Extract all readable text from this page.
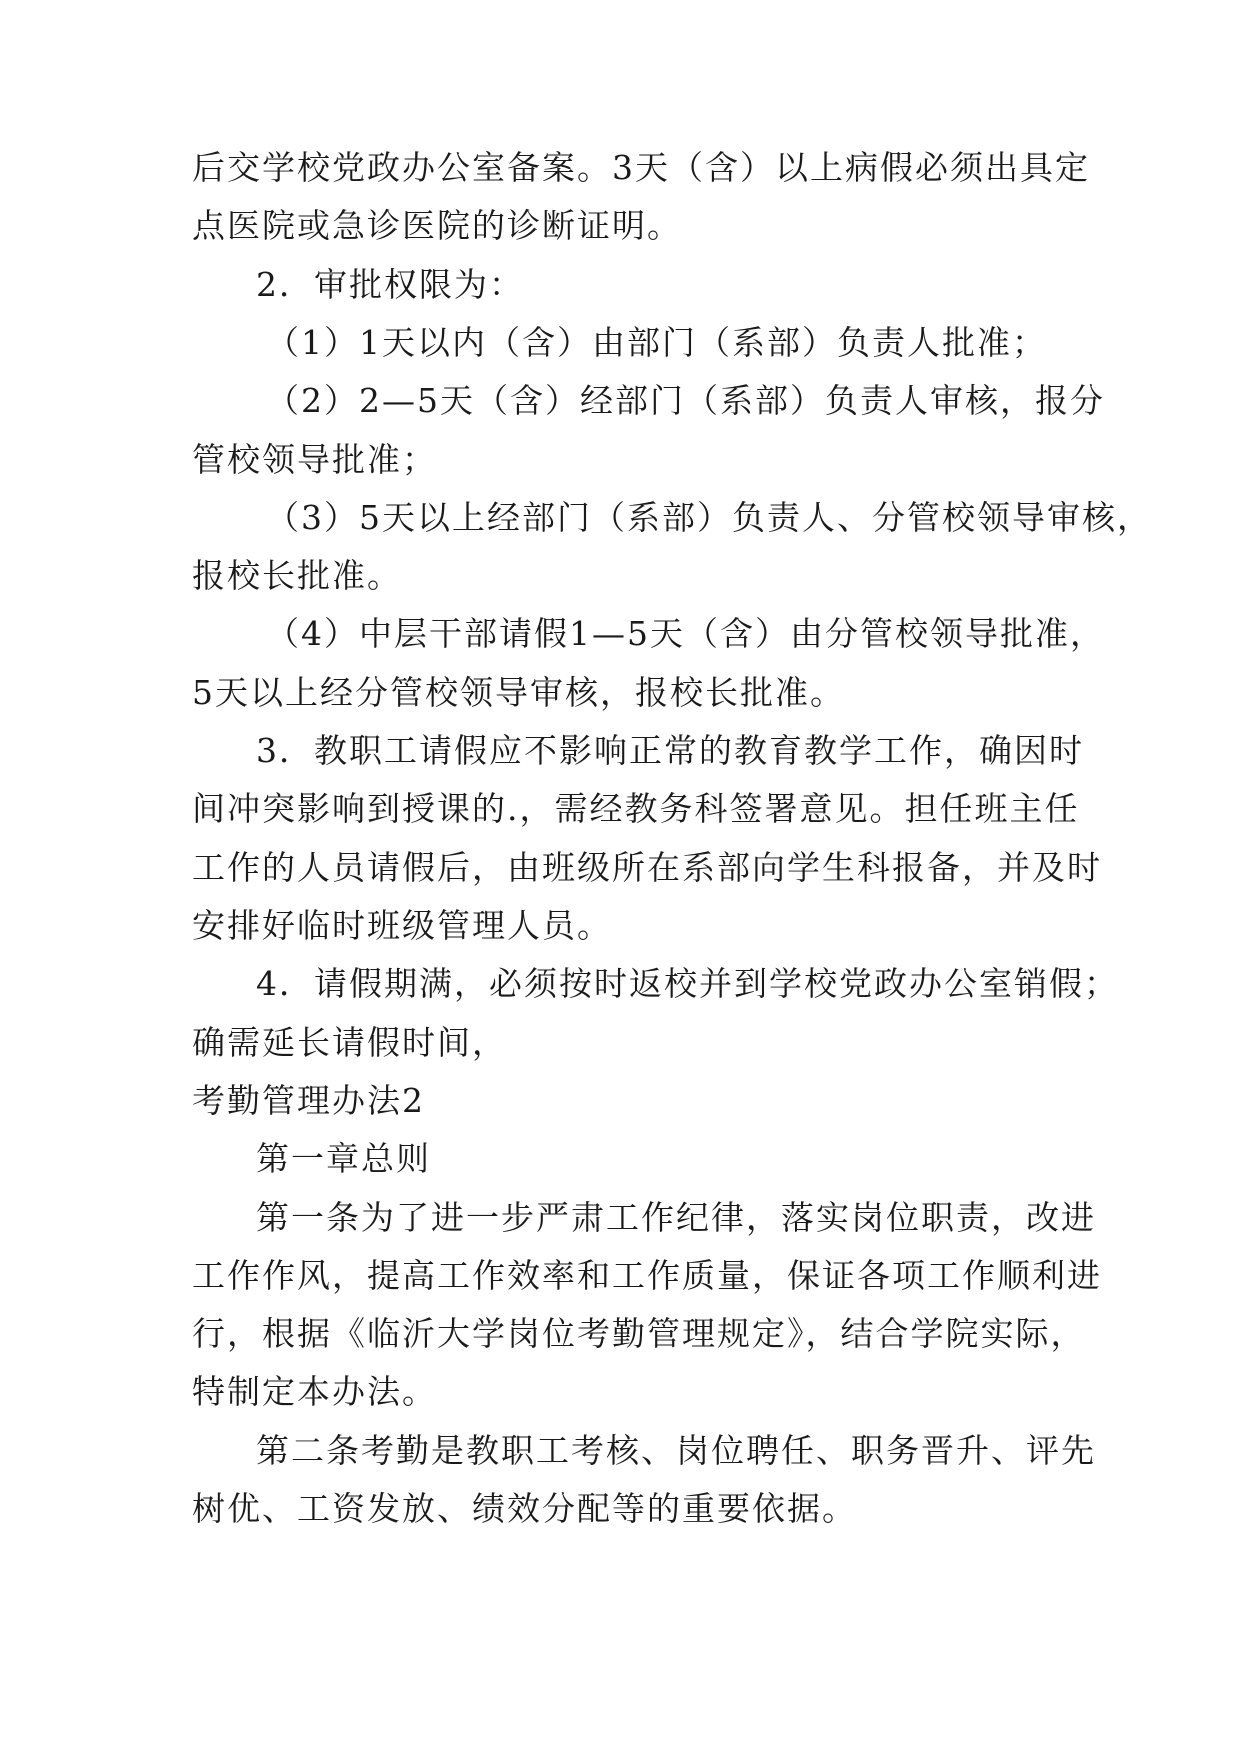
后交学校党政办公室备案。3天（含）以上病假必须出具定
点医院或急诊医院的诊断证明。
2．审批权限为：
（1）1天以内（含）由部门（系部）负责人批准；
（2）2—5天（含）经部门（系部）负责人审核，报分
管校领导批准；
（3）5天以上经部门（系部）负责人、分管校领导审核，
报校长批准。
（4）中层干部请假1—5天（含）由分管校领导批准，
5天以上经分管校领导审核，报校长批准。
3．教职工请假应不影响正常的教育教学工作，确因时
间冲突影响到授课的.，需经教务科签署意见。担任班主任
工作的人员请假后，由班级所在系部向学生科报备，并及时
安排好临时班级管理人员。
4．请假期满，必须按时返校并到学校党政办公室销假；
确需延长请假时间，
考勤管理办法2
第一章总则
第一条为了进一步严肃工作纪律，落实岗位职责，改进
工作作风，提高工作效率和工作质量，保证各项工作顺利进
行，根据《临沂大学岗位考勤管理规定》，结合学院实际，
特制定本办法。
第二条考勤是教职工考核、岗位聘任、职务晋升、评先
树优、工资发放、绩效分配等的重要依据。
